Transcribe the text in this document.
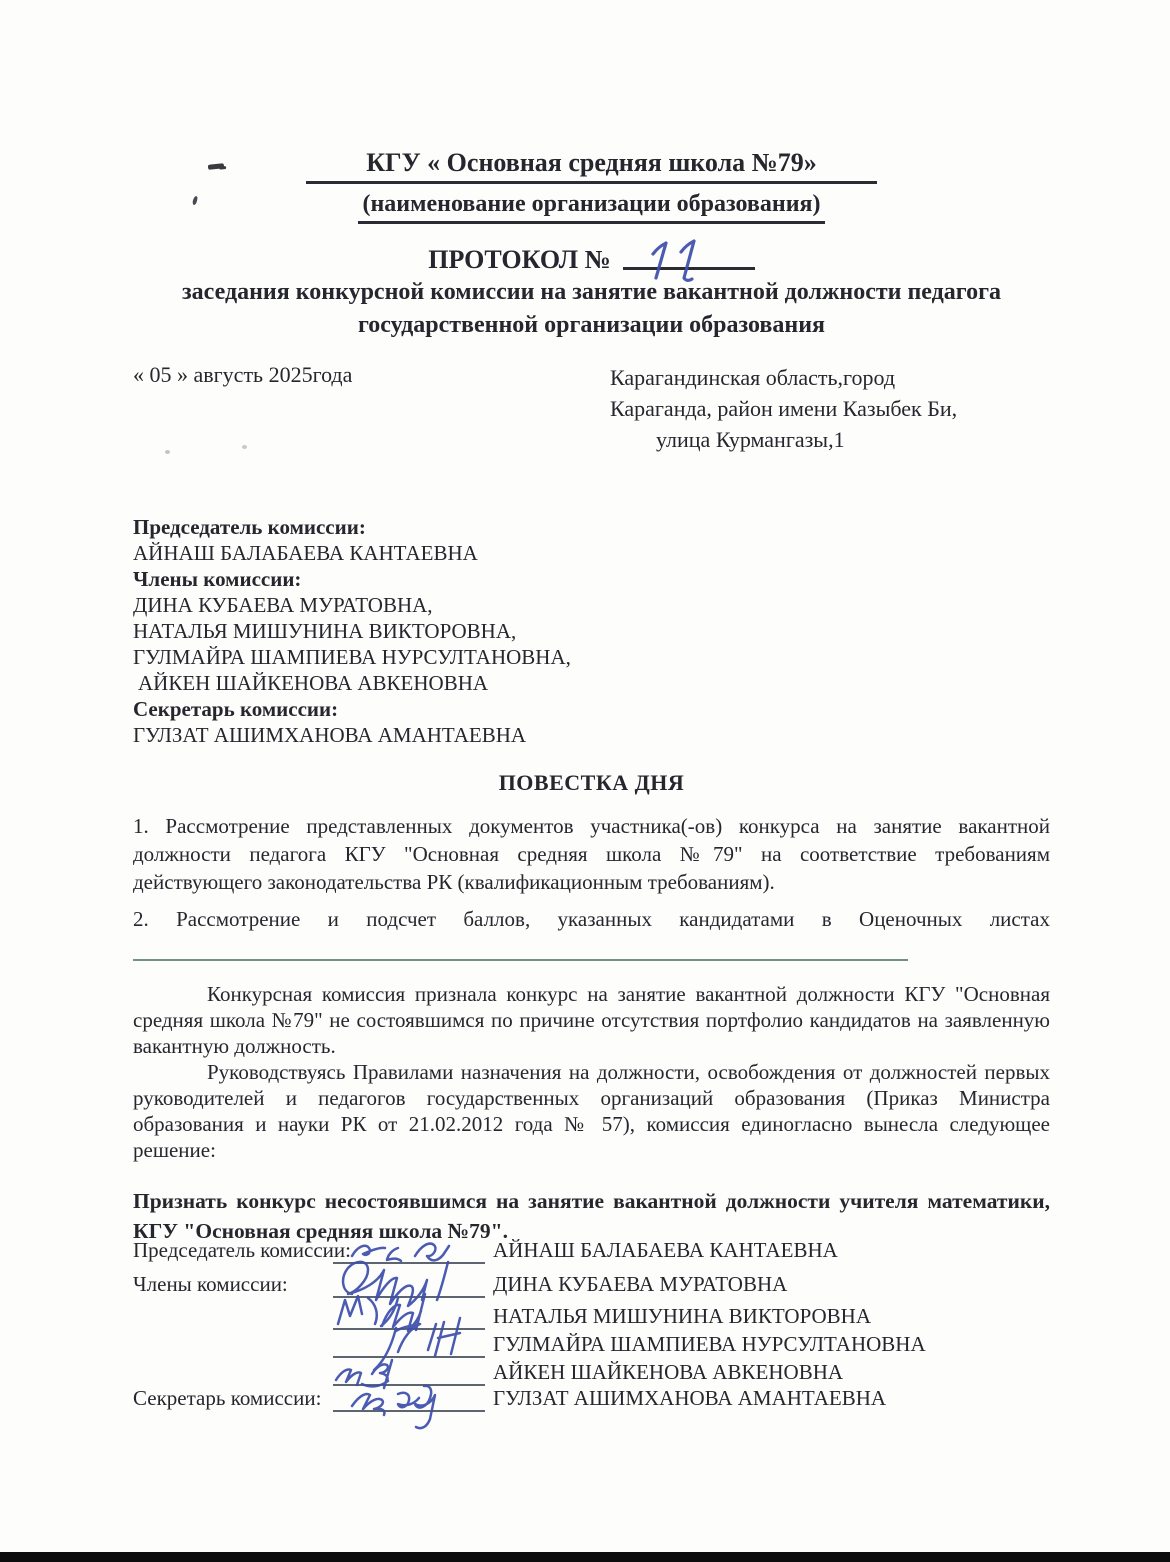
КГУ « Основная средняя школа №79»
(наименование организации образования)
ПРОТОКОЛ №
заседания конкурсной комиссии на занятие вакантной должности педагога
государственной организации образования
« 05 » августь 2025года	Карагандинская область,город
Караганда, район имени Казыбек Би,
улица Курмангазы,1
Председатель комиссии:
АЙНАШ БАЛАБАЕВА КАНТАЕВНА
Члены комиссии:
ДИНА КУБАЕВА МУРАТОВНА,
НАТАЛЬЯ МИШУНИНА ВИКТОРОВНА,
ГУЛМАЙРА ШАМПИЕВА НУРСУЛТАНОВНА,
АЙКЕН ШАЙКЕНОВА АВКЕНОВНА
Секретарь комиссии:
ГУЛЗАТ АШИМХАНОВА АМАНТАЕВНА
ПОВЕСТКА ДНЯ

1. Рассмотрение представленных документов участника(-ов) конкурса на занятие вакантной должности педагога КГУ "Основная средняя школа №79" на соответствие требованиям действующего законодательства РК (квалификационным требованиям).

2. Рассмотрение и подсчет баллов, указанных кандидатами в Оценочных листах

Конкурсная комиссия признала конкурс на занятие вакантной должности КГУ "Основная средняя школа №79" не состоявшимся по причине отсутствия портфолио кандидатов на заявленную вакантную должность.

Руководствуясь Правилами назначения на должности, освобождения от должностей первых руководителей и педагогов государственных организаций образования (Приказ Министра образования и науки РК от 21.02.2012 года № 57), комиссия единогласно вынесла следующее решение:

Признать конкурс несостоявшимся на занятие вакантной должности учителя математики, КГУ "Основная средняя школа №79".

Председатель комиссии:	АЙНАШ БАЛАБАЕВА КАНТАЕВНА
Члены комиссии:	ДИНА КУБАЕВА МУРАТОВНА
НАТАЛЬЯ МИШУНИНА ВИКТОРОВНА
ГУЛМАЙРА ШАМПИЕВА НУРСУЛТАНОВНА
АЙКЕН ШАЙКЕНОВА АВКЕНОВНА
Секретарь комиссии:	ГУЛЗАТ АШИМХАНОВА АМАНТАЕВНА
